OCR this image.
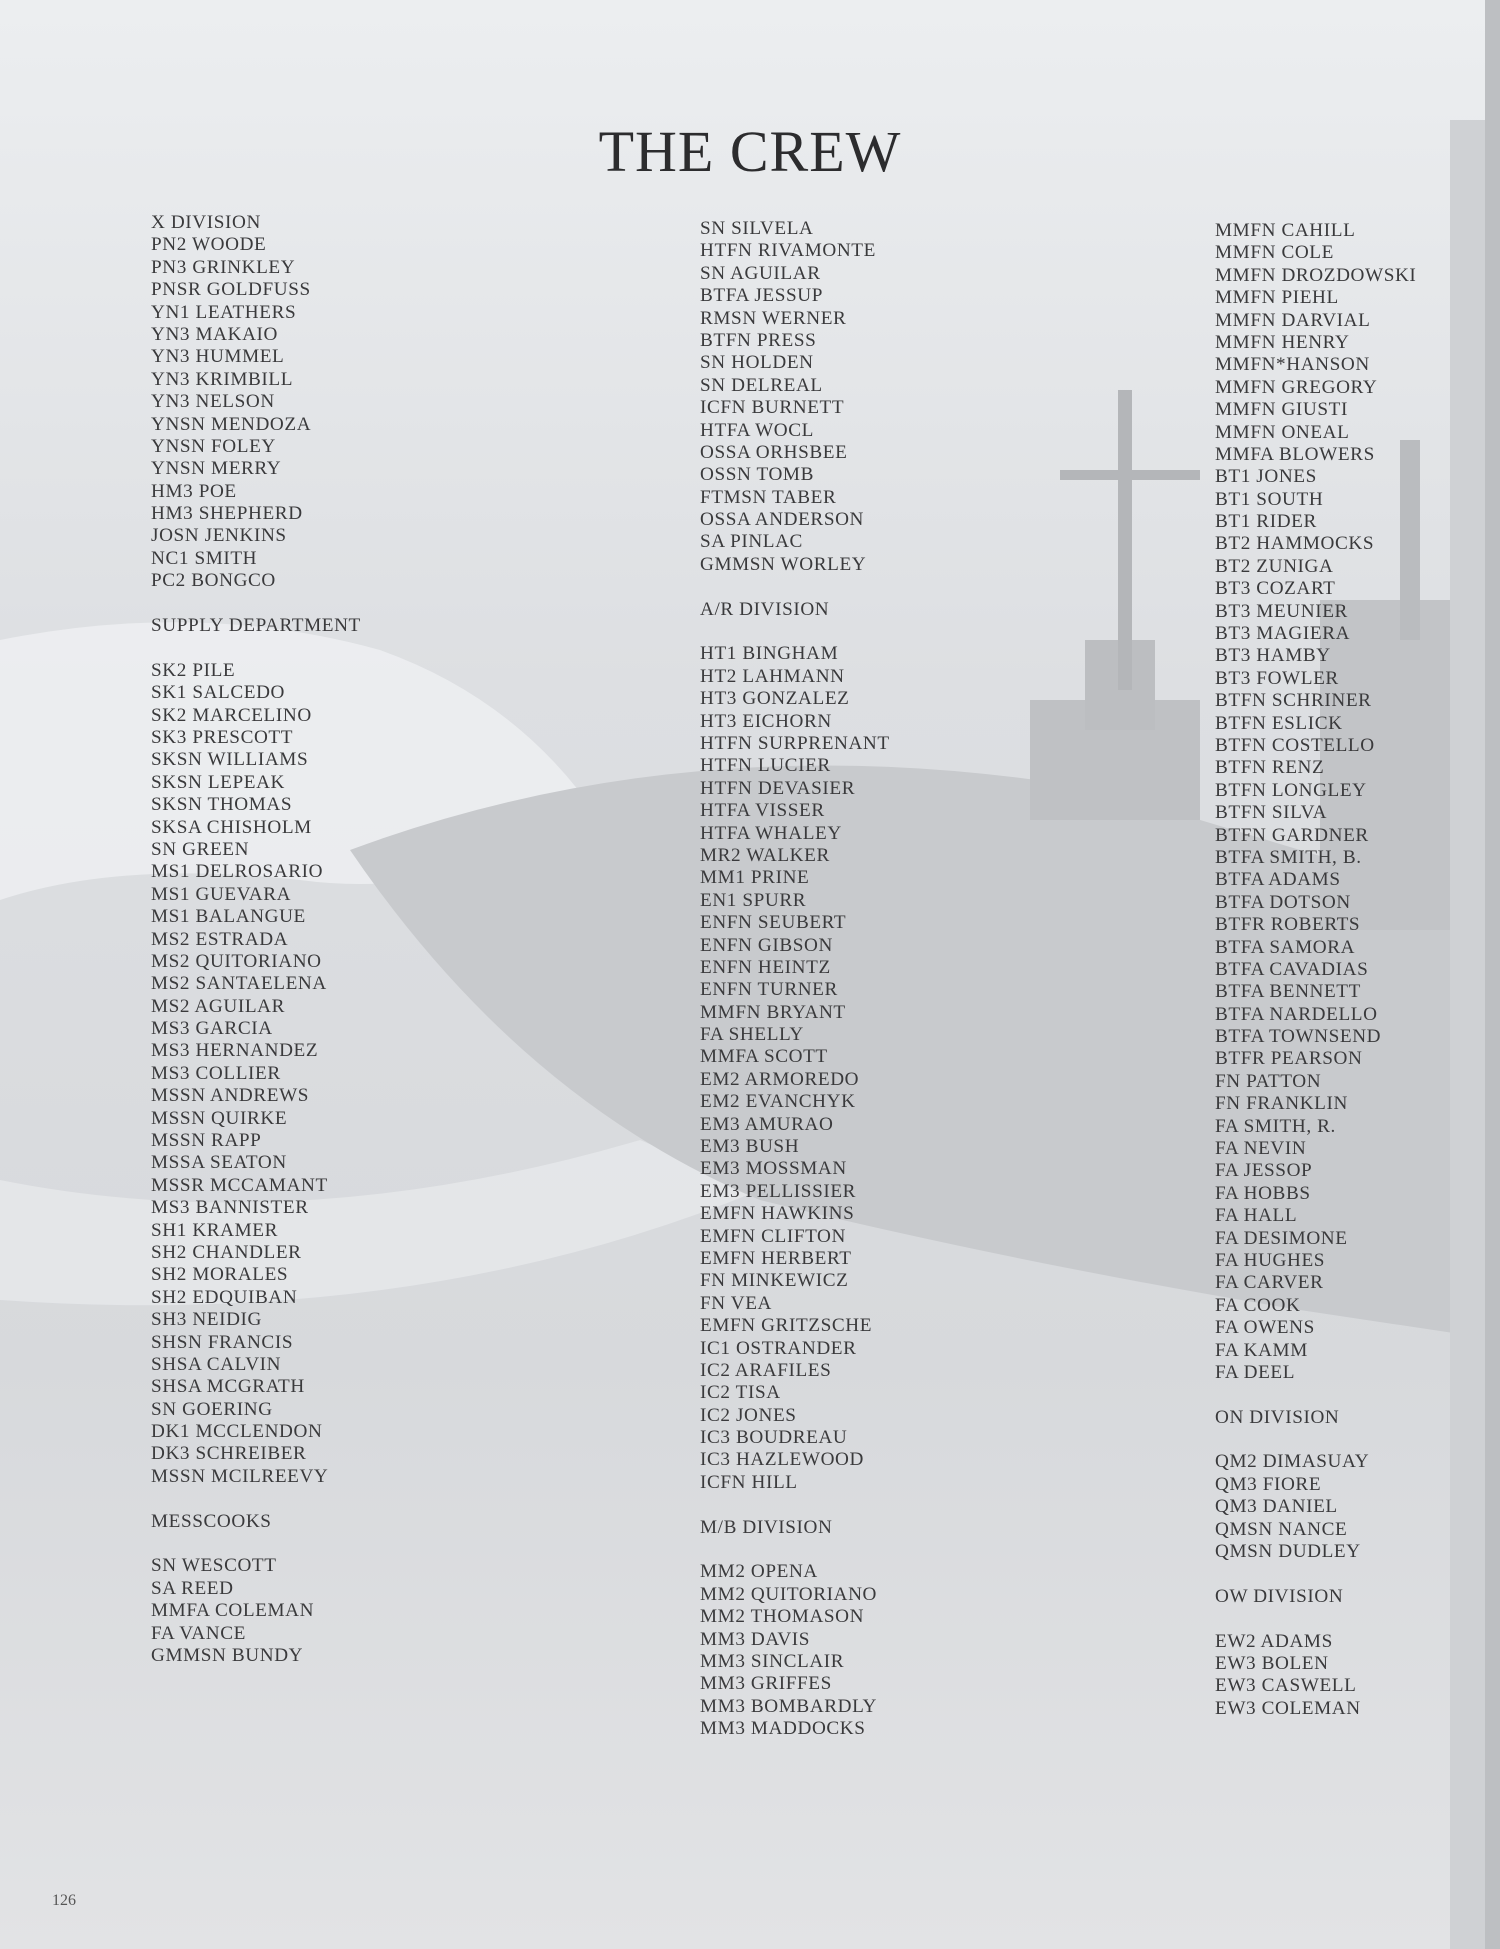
THE CREW
X DIVISION
PN2 WOODE
PN3 GRINKLEY
PNSR GOLDFUSS
YN1 LEATHERS
YN3 MAKAIO
YN3 HUMMEL
YN3 KRIMBILL
YN3 NELSON
YNSN MENDOZA
YNSN FOLEY
YNSN MERRY
HM3 POE
HM3 SHEPHERD
JOSN JENKINS
NC1 SMITH
PC2 BONGCO
SUPPLY DEPARTMENT
SK2 PILE
SK1 SALCEDO
SK2 MARCELINO
SK3 PRESCOTT
SKSN WILLIAMS
SKSN LEPEAK
SKSN THOMAS
SKSA CHISHOLM
SN GREEN
MS1 DELROSARIO
MS1 GUEVARA
MS1 BALANGUE
MS2 ESTRADA
MS2 QUITORIANO
MS2 SANTAELENA
MS2 AGUILAR
MS3 GARCIA
MS3 HERNANDEZ
MS3 COLLIER
MSSN ANDREWS
MSSN QUIRKE
MSSN RAPP
MSSA SEATON
MSSR MCCAMANT
MS3 BANNISTER
SH1 KRAMER
SH2 CHANDLER
SH2 MORALES
SH2 EDQUIBAN
SH3 NEIDIG
SHSN FRANCIS
SHSA CALVIN
SHSA MCGRATH
SN GOERING
DK1 MCCLENDON
DK3 SCHREIBER
MSSN MCILREEVY
MESSCOOKS
SN WESCOTT
SA REED
MMFA COLEMAN
FA VANCE
GMMSN BUNDY
SN SILVELA
HTFN RIVAMONTE
SN AGUILAR
BTFA JESSUP
RMSN WERNER
BTFN PRESS
SN HOLDEN
SN DELREAL
ICFN BURNETT
HTFA WOCL
OSSA ORHSBEE
OSSN TOMB
FTMSN TABER
OSSA ANDERSON
SA PINLAC
GMMSN WORLEY
A/R DIVISION
HT1 BINGHAM
HT2 LAHMANN
HT3 GONZALEZ
HT3 EICHORN
HTFN SURPRENANT
HTFN LUCIER
HTFN DEVASIER
HTFA VISSER
HTFA WHALEY
MR2 WALKER
MM1 PRINE
EN1 SPURR
ENFN SEUBERT
ENFN GIBSON
ENFN HEINTZ
ENFN TURNER
MMFN BRYANT
FA SHELLY
MMFA SCOTT
EM2 ARMOREDO
EM2 EVANCHYK
EM3 AMURAO
EM3 BUSH
EM3 MOSSMAN
EM3 PELLISSIER
EMFN HAWKINS
EMFN CLIFTON
EMFN HERBERT
FN MINKEWICZ
FN VEA
EMFN GRITZSCHE
IC1 OSTRANDER
IC2 ARAFILES
IC2 TISA
IC2 JONES
IC3 BOUDREAU
IC3 HAZLEWOOD
ICFN HILL
M/B DIVISION
MM2 OPENA
MM2 QUITORIANO
MM2 THOMASON
MM3 DAVIS
MM3 SINCLAIR
MM3 GRIFFES
MM3 BOMBARDLY
MM3 MADDOCKS
MMFN CAHILL
MMFN COLE
MMFN DROZDOWSKI
MMFN PIEHL
MMFN DARVIAL
MMFN HENRY
MMFN*HANSON
MMFN GREGORY
MMFN GIUSTI
MMFN ONEAL
MMFA BLOWERS
BT1 JONES
BT1 SOUTH
BT1 RIDER
BT2 HAMMOCKS
BT2 ZUNIGA
BT3 COZART
BT3 MEUNIER
BT3 MAGIERA
BT3 HAMBY
BT3 FOWLER
BTFN SCHRINER
BTFN ESLICK
BTFN COSTELLO
BTFN RENZ
BTFN LONGLEY
BTFN SILVA
BTFN GARDNER
BTFA SMITH, B.
BTFA ADAMS
BTFA DOTSON
BTFR ROBERTS
BTFA SAMORA
BTFA CAVADIAS
BTFA BENNETT
BTFA NARDELLO
BTFA TOWNSEND
BTFR PEARSON
FN PATTON
FN FRANKLIN
FA SMITH, R.
FA NEVIN
FA JESSOP
FA HOBBS
FA HALL
FA DESIMONE
FA HUGHES
FA CARVER
FA COOK
FA OWENS
FA KAMM
FA DEEL
ON DIVISION
QM2 DIMASUAY
QM3 FIORE
QM3 DANIEL
QMSN NANCE
QMSN DUDLEY
OW DIVISION
EW2 ADAMS
EW3 BOLEN
EW3 CASWELL
EW3 COLEMAN
126
